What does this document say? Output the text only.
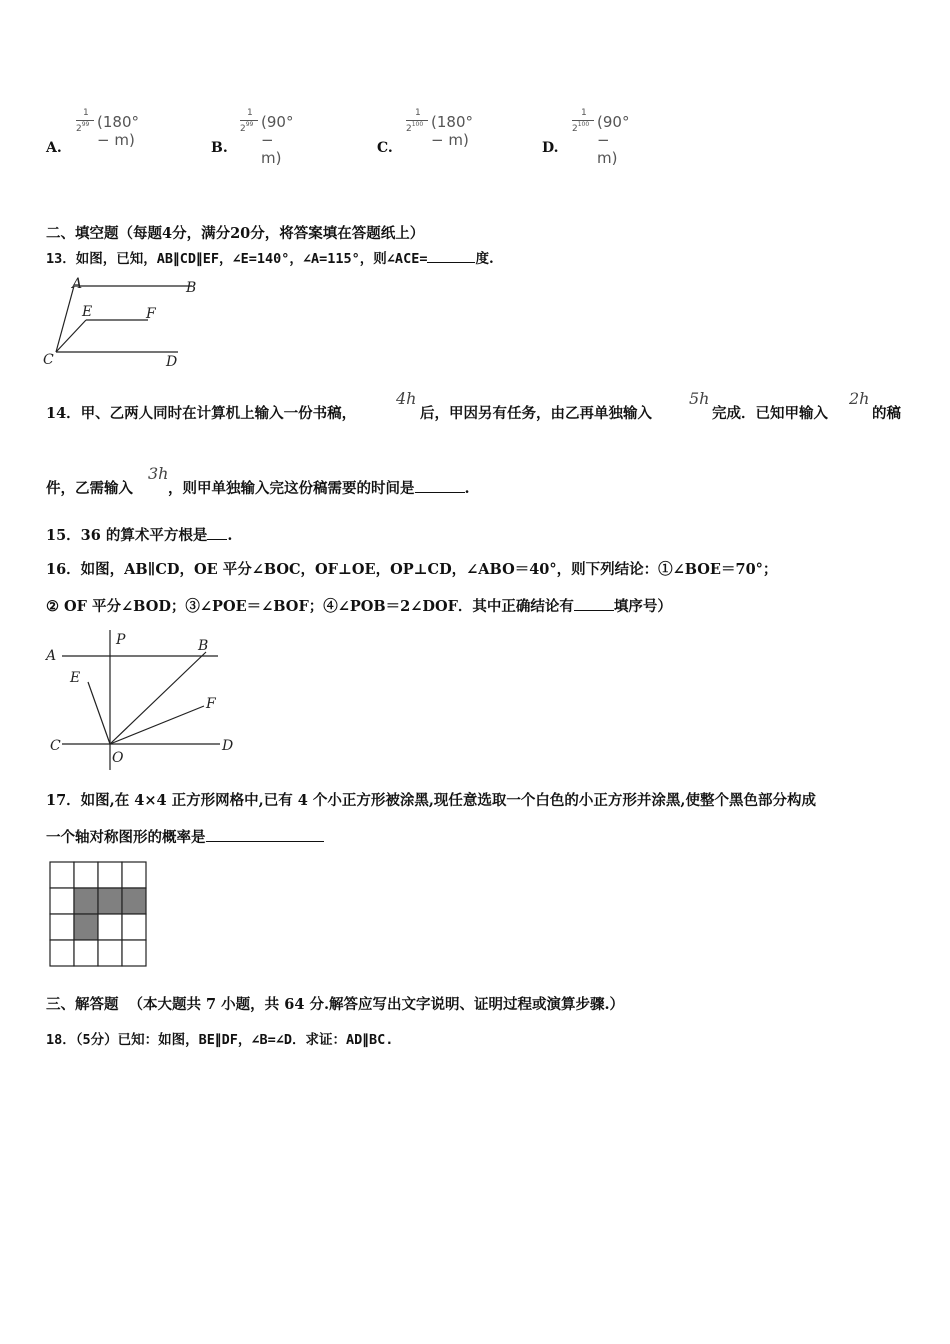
1
$2^{99}$ (180° − m)
A.
1
$2^{99}$ (90° − m)
B.
1
$2^{100}$ (180° − m)
C.
1
$2^{100}$ (90° − m)
D.
二、填空题（每题4分，满分20分，将答案填在答题纸上）
13．如图，已知，AB∥CD∥EF，∠E=140°，∠A=115°，则∠ACE=	度.
A	B
E	F
C	D
14．甲、乙两人同时在计算机上输入一份书稿，
4h
后，甲因另有任务，由乙再单独输入
5h
完成．已知甲输入
2h
的稿
件，乙需输入
3h
，则甲单独输入完这份稿需要的时间是	.
15．36 的算术平方根是 .
16．如图，AB∥CD，OE 平分∠BOC，OF⊥OE，OP⊥CD，∠ABO＝40°，则下列结论：①∠BOE＝70°；
② OF 平分∠BOD；③∠POE＝∠BOF；④∠POB＝2∠DOF．其中正确结论有	填序号）
A
P	B
E
F
C
O
D
17．如图,在 4×4 正方形网格中,已有 4 个小正方形被涂黑,现任意选取一个白色的小正方形并涂黑,使整个黑色部分构成
一个轴对称图形的概率是
三、解答题 （本大题共 7 小题，共 64 分.解答应写出文字说明、证明过程或演算步骤.）
18．（5分）已知：如图，BE∥DF，∠B=∠D．求证：AD∥BC.
